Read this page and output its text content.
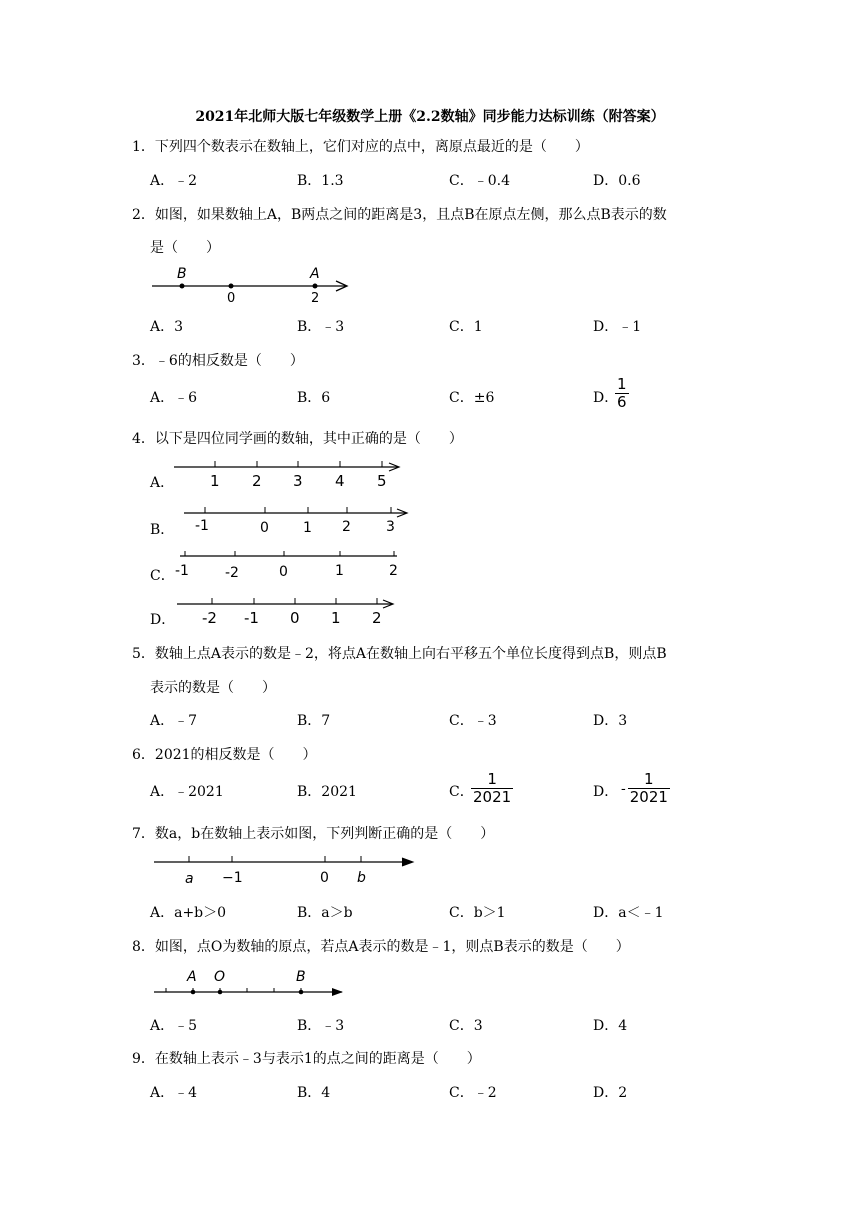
2021年北师大版七年级数学上册《2.2数轴》同步能力达标训练（附答案）
1．下列四个数表示在数轴上，它们对应的点中，离原点最近的是（　　）
A．﹣2	B．1.3	C．﹣0.4	D．0.6
2．如图，如果数轴上A，B两点之间的距离是3，且点B在原点左侧，那么点B表示的数
是（　　）
B
0
A
2
A．3	B．﹣3	C．1	D．﹣1
3．﹣6的相反数是（　　）
A．﹣6	B．6	C．±6	D．
$\frac{1}{6}$
4．以下是四位同学画的数轴，其中正确的是（　　）
A． 1 2 3 4 5
B． -1	0 1 2	3
C． -1	-2	0	1	2
D． -2 -1 0 1 2
5．数轴上点A表示的数是﹣2，将点A在数轴上向右平移五个单位长度得到点B，则点B
表示的数是（　　）
A．﹣7	B．7	C．﹣3	D．3
6．2021的相反数是（　　）
A．﹣2021	B．2021	C．
$\frac{1}{2021}$	D． - $\frac{1}{2021}$
7．数a，b在数轴上表示如图，下列判断正确的是（　　）
a −1	0 b
A．a+b＞0	B．a＞b	C．b＞1	D．a＜﹣1
8．如图，点O为数轴的原点，若点A表示的数是﹣1，则点B表示的数是（　　）
A O	B
A．﹣5	B．﹣3	C．3	D．4
9．在数轴上表示﹣3与表示1的点之间的距离是（　　）
A．﹣4	B．4	C．﹣2	D．2
